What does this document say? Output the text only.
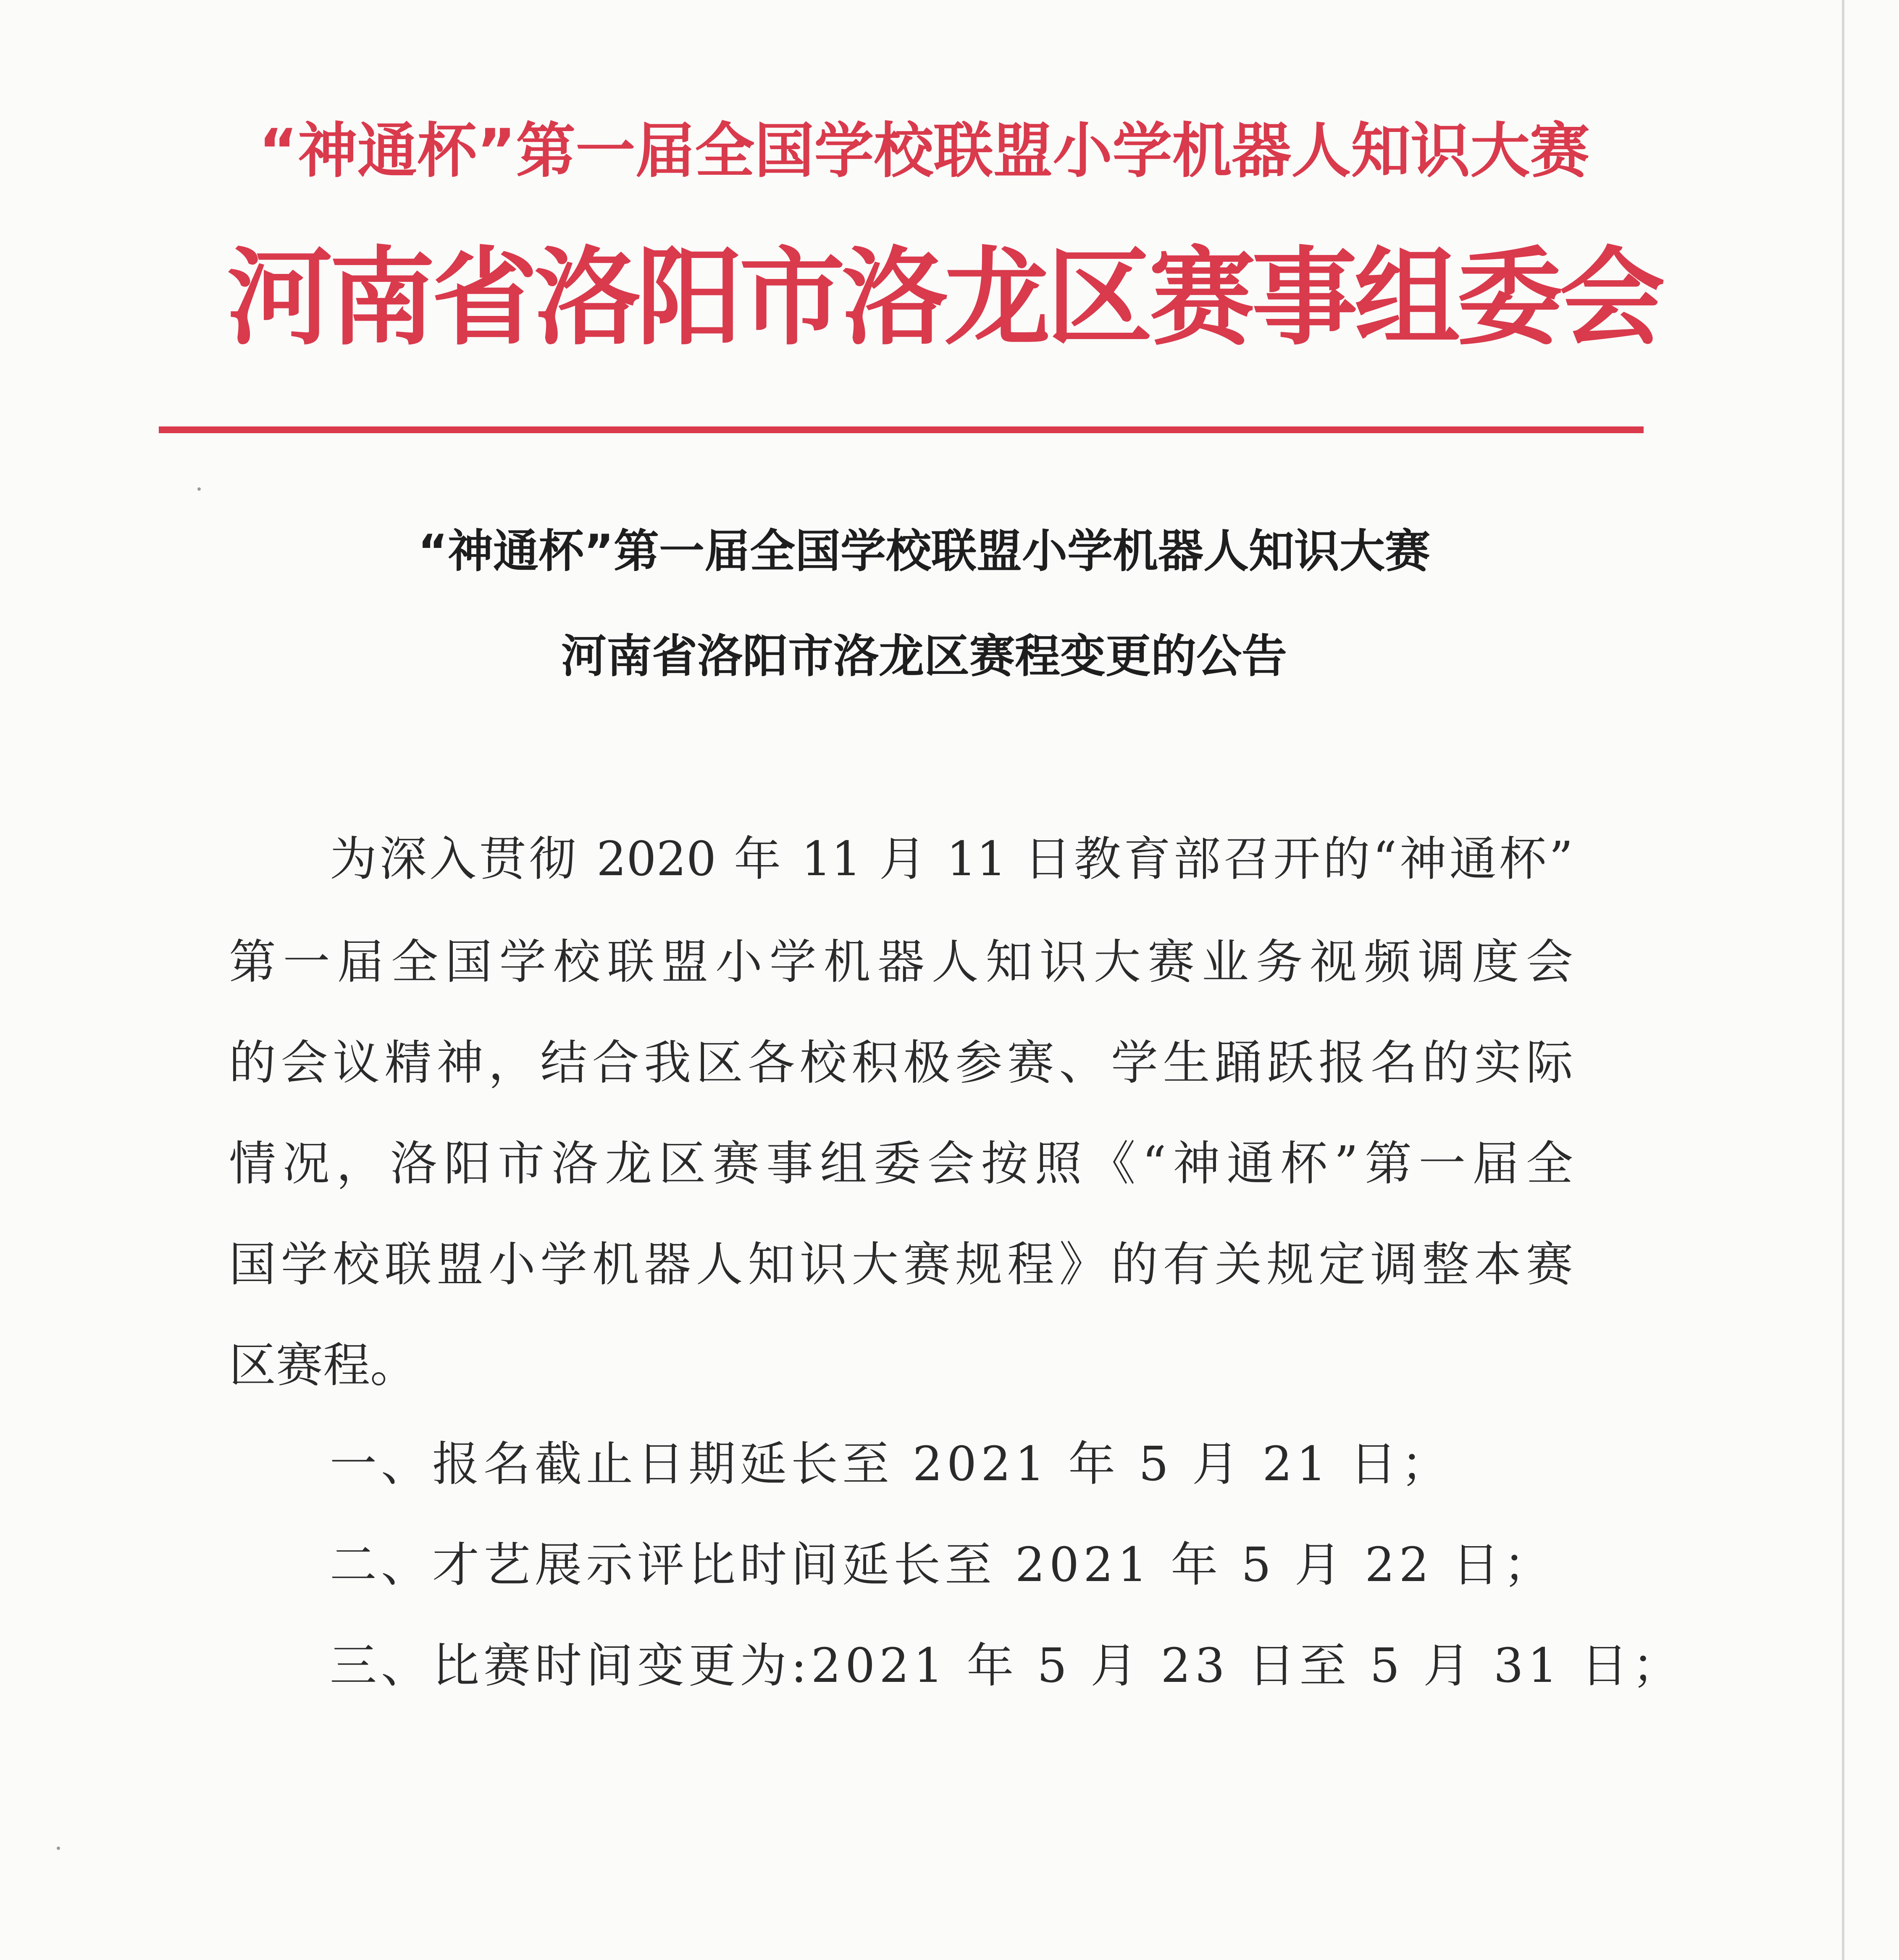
“神通杯”第一届全国学校联盟小学机器人知识大赛
河南省洛阳市洛龙区赛事组委会
“神通杯”第一届全国学校联盟小学机器人知识大赛
河南省洛阳市洛龙区赛程变更的公告
为深入贯彻 2020 年 11 月 11 日教育部召开的“神通杯”
第一届全国学校联盟小学机器人知识大赛业务视频调度会
的会议精神，结合我区各校积极参赛、学生踊跃报名的实际
情况，洛阳市洛龙区赛事组委会按照《“神通杯”第一届全
国学校联盟小学机器人知识大赛规程》的有关规定调整本赛
区赛程。
一、报名截止日期延长至 2021 年 5 月 21 日；
二、才艺展示评比时间延长至 2021 年 5 月 22 日；
三、比赛时间变更为:2021 年 5 月 23 日至 5 月 31 日；
